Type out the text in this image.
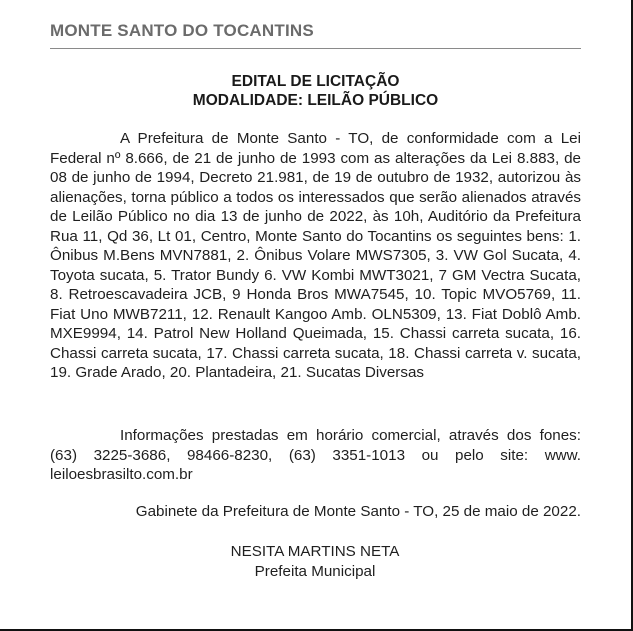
MONTE SANTO DO TOCANTINS
EDITAL DE LICITAÇÃO
MODALIDADE: LEILÃO PÚBLICO

A Prefeitura de Monte Santo - TO, de conformidade com a Lei Federal nº 8.666, de 21 de junho de 1993 com as alterações da Lei 8.883, de 08 de junho de 1994, Decreto 21.981, de 19 de outubro de 1932, autorizou às alienações, torna público a todos os interessados que serão alienados através de Leilão Público no dia 13 de junho de 2022, às 10h, Auditório da Prefeitura Rua 11, Qd 36, Lt 01, Centro, Monte Santo do Tocantins os seguintes bens: 1. Ônibus M.Bens MVN7881, 2. Ônibus Volare MWS7305, 3. VW Gol Sucata, 4. Toyota sucata, 5. Trator Bundy 6. VW Kombi MWT3021, 7 GM Vectra Sucata, 8. Retroescavadeira JCB, 9 Honda Bros MWA7545, 10. Topic MVO5769, 11. Fiat Uno MWB7211, 12. Renault Kangoo Amb. OLN5309, 13. Fiat Doblô Amb. MXE9994, 14. Patrol New Holland Queimada, 15. Chassi carreta sucata, 16. Chassi carreta sucata, 17. Chassi carreta sucata, 18. Chassi carreta v. sucata, 19. Grade Arado, 20. Plantadeira, 21. Sucatas Diversas

Informações prestadas em horário comercial, através dos fones: (63) 3225-3686, 98466-8230, (63) 3351-1013 ou pelo site: www. leiloesbrasilto.com.br

Gabinete da Prefeitura de Monte Santo - TO, 25 de maio de 2022.
NESITA MARTINS NETA
Prefeita Municipal
